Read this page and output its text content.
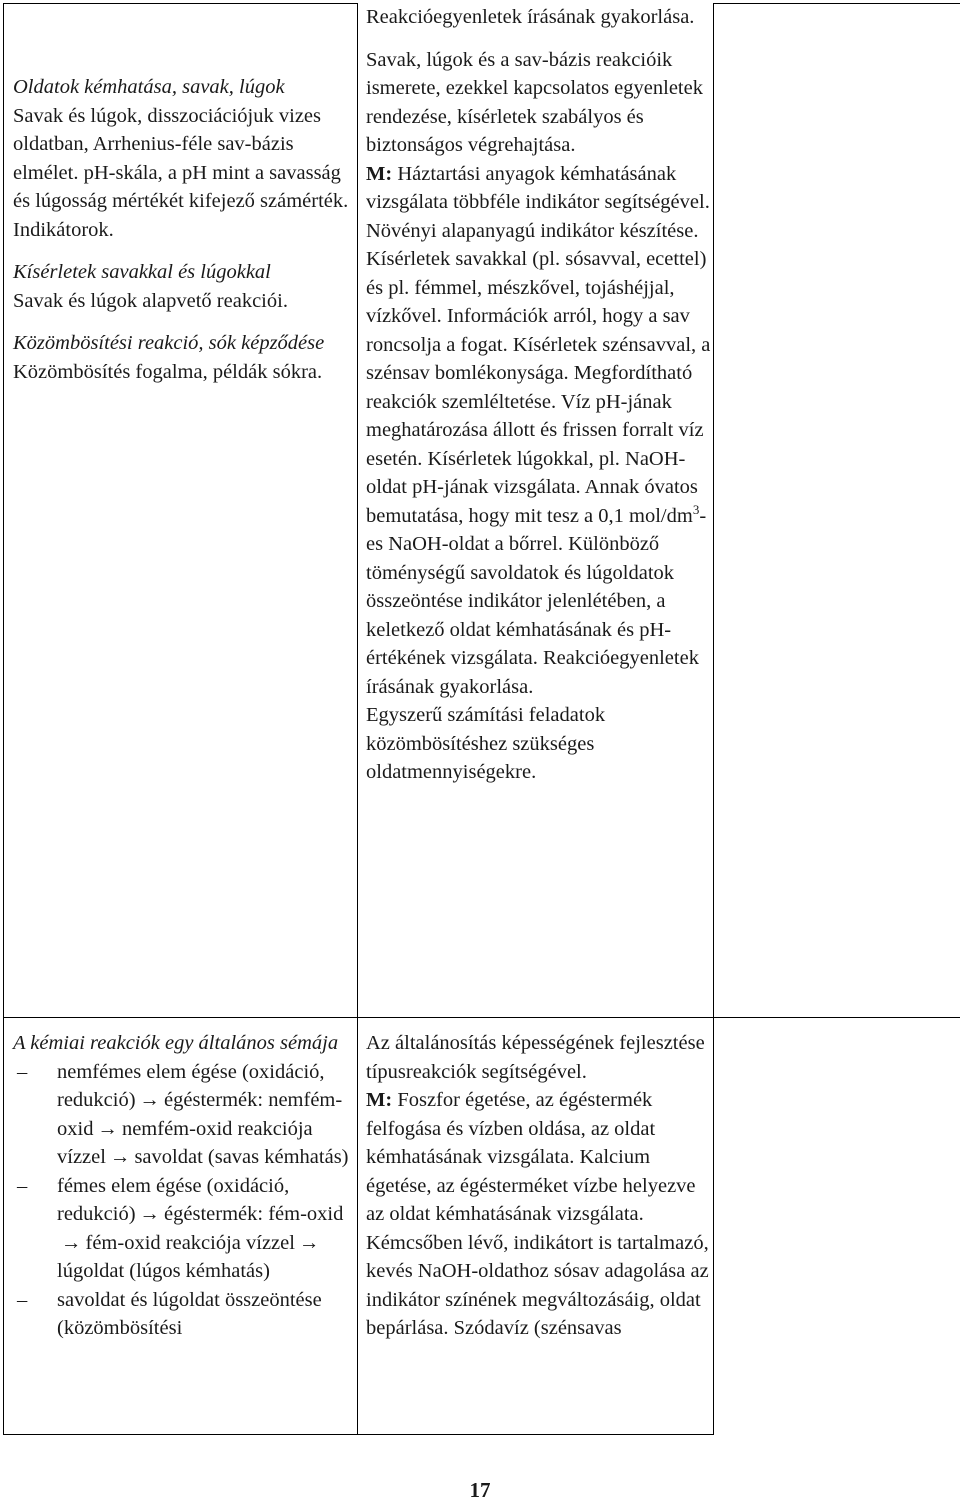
Oldatok kémhatása, savak, lúgok

Savak és lúgok, disszociációjuk vizes oldatban, Arrhenius-féle sav-bázis elmélet. pH-skála, a pH mint a savasság és lúgosság mértékét kifejező számérték. Indikátorok.

Kísérletek savakkal és lúgokkal

Savak és lúgok alapvető reakciói.

Közömbösítési reakció, sók képződése

Közömbösítés fogalma, példák sókra.

A kémiai reakciók egy általános sémája

– nemfémes elem égése (oxidáció, redukció) → égéstermék: nemfém-oxid → nemfém-oxid reakciója vízzel → savoldat (savas kémhatás)
– fémes elem égése (oxidáció, redukció) → égéstermék: fém-oxid→ fém-oxid reakciója vízzel →lúgoldat (lúgos kémhatás)
– savoldat és lúgoldat összeöntése (közömbösítési

Reakcióegyenletek írásának gyakorlása.

Savak, lúgok és a sav-bázis reakcióik ismerete, ezekkel kapcsolatos egyenletek rendezése, kísérletek szabályos és biztonságos végrehajtása.

M: Háztartási anyagok kémhatásának vizsgálata többféle indikátor segítségével. Növényi alapanyagú indikátor készítése. Kísérletek savakkal (pl. sósavval, ecettel) és pl. fémmel, mészkővel, tojáshéjjal, vízkővel. Információk arról, hogy a sav roncsolja a fogat. Kísérletek szénsavval, a szénsav bomlékonysága. Megfordítható reakciók szemléltetése. Víz pH-jának meghatározása állott és frissen forralt víz esetén. Kísérletek lúgokkal, pl. NaOH-oldat pH-jának vizsgálata. Annak óvatos bemutatása, hogy mit tesz a 0,1 mol/$dm^3-es$ NaOH-oldat a bőrrel. Különböző töménységű savoldatok és lúgoldatok összeöntése indikátor jelenlétében, a keletkező oldat kémhatásának és pH-értékének vizsgálata. Reakcióegyenletek írásának gyakorlása.

Egyszerű számítási feladatok közömbösítéshez szükséges oldatmennyiségekre.

Az általánosítás képességének fejlesztése típusreakciók segítségével.

M: Foszfor égetése, az égéstermék felfogása és vízben oldása, az oldat kémhatásának vizsgálata. Kalcium égetése, az égésterméket vízbe helyezve az oldat kémhatásának vizsgálata. Kémcsőben lévő, indikátort is tartalmazó, kevés NaOH-oldathoz sósav adagolása az indikátor színének megváltozásáig, oldat bepárlása. Szódavíz (szénsavas

17
